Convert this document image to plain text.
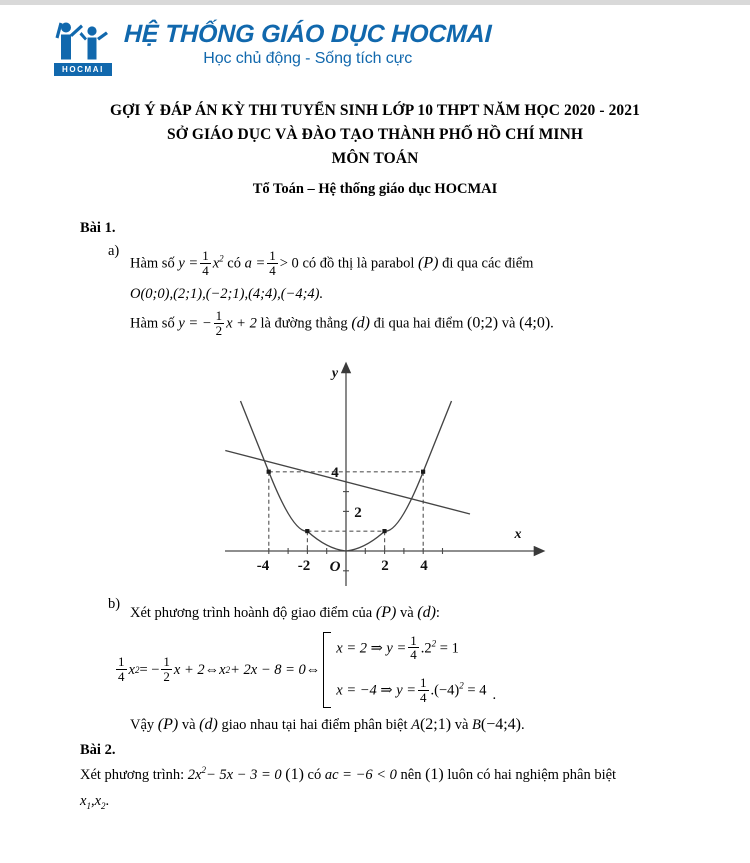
HOCMAI
HỆ THỐNG GIÁO DỤC HOCMAI
Học chủ động - Sống tích cực
GỢI Ý ĐÁP ÁN KỲ THI TUYỂN SINH LỚP 10 THPT NĂM HỌC 2020 - 2021
SỞ GIÁO DỤC VÀ ĐÀO TẠO THÀNH PHỐ HỒ CHÍ MINH
MÔN TOÁN
Tổ Toán – Hệ thống giáo dục HOCMAI
Bài 1.
a)
Hàm số $y = \frac{1}{4} x^2$ có $a = \frac{1}{4} > 0$ có đồ thị là parabol (P) đi qua các điểm
O(0;0),(2;1),(−2;1),(4;4),(−4;4).
Hàm số y = − $\frac{1}{2}$ x + 2 là đường thẳng (d) đi qua hai điểm (0;2) và (4;0).
-4 -2 O	2 4
4
2
y
x
b)
Xét phương trình hoành độ giao điểm của (P) và (d):
$\frac{1}{4}$ x 2 = − $\frac{1}{2}$ x + 2 ⇔ x 2 + 2x − 8 = 0 ⇔
x = 2 ⇒ $y = \frac{1}{4} .2^2 = 1$
x = −4 ⇒ $y = \frac{1}{4} .(-4)^2 = 4$ .
Vậy (P) và (d) giao nhau tại hai điểm phân biệt A(2;1) và B(−4;4).
Bài 2.
Xét phương trình: $2x^2- 5x - 3 = 0$ (1) có ac = −6 < 0 nên (1) luôn có hai nghiệm phân biệt
$x_1,x_2$.
